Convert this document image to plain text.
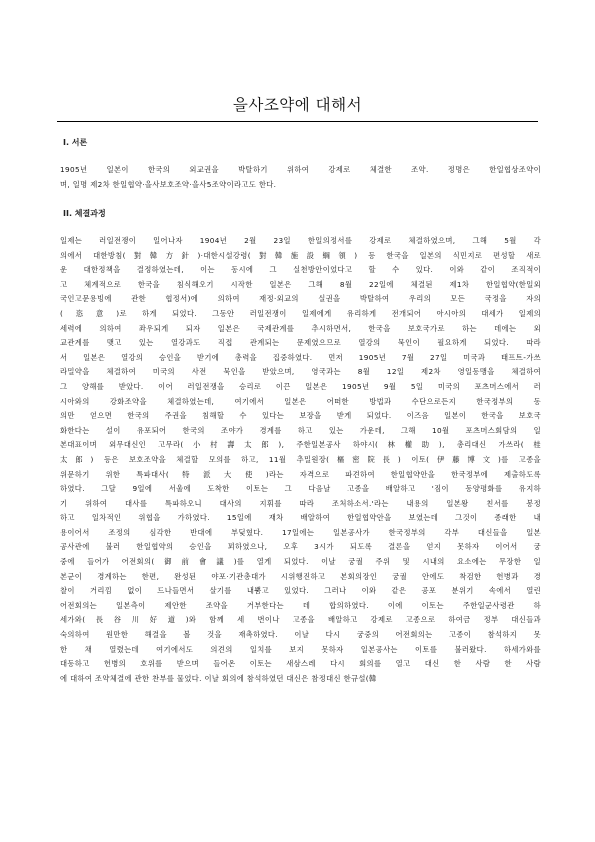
을사조약에 대해서
I. 서론
1905년 일본이 한국의 외교권을 박탈하기 위하여 강제로 체결한 조약. 정명은 한일협상조약이
며, 일명 제2차 한일협약·을사보호조약·을사5조약이라고도 한다.
II. 체결과정
일제는 러일전쟁이 일어나자 1904년 2월 23일 한일의정서를 강제로 체결하였으며, 그해 5월 각
의에서 대한방침(對韓方針)·대한시설강령(對韓施設綱領) 등 한국을 일본의 식민지로 편성할 새로
운 대한정책을 결정하였는데, 이는 동시에 그 실천방안이었다고 할 수 있다. 이와 같이 조직적이
고 체계적으로 한국을 침식해오기 시작한 일본은 그해 8월 22일에 체결된 제1차 한일협약(한일외
국인고문용빙에 관한 협정서)에 의하여 재정·외교의 실권을 박탈하여 우리의 모든 국정을 자의
(恣意)로 하게 되었다. 그동안 러일전쟁이 일제에게 유리하게 전개되어 아시아의 대세가 일제의
세력에 의하여 좌우되게 되자 일본은 국제관계를 추시하면서, 한국을 보호국가로 하는 데에는 외
교관계를 맺고 있는 열강과도 직접 관계되는 문제였으므로 열강의 묵인이 필요하게 되었다. 따라
서 일본은 열강의 승인을 받기에 총력을 집중하였다. 먼저 1905년 7월 27일 미국과 태프트-가쓰
라밀약을 체결하여 미국의 사전 묵인을 받았으며, 영국과는 8월 12일 제2차 영일동맹을 체결하여
그 양해를 받았다. 이어 러일전쟁을 승리로 이끈 일본은 1905년 9월 5일 미국의 포츠머스에서 러
시아와의 강화조약을 체결하였는데, 여기에서 일본은 어떠한 방법과 수단으로든지 한국정부의 동
의만 얻으면 한국의 주권을 침해할 수 있다는 보장을 받게 되었다. 이즈음 일본이 한국을 보호국
화한다는 설이 유포되어 한국의 조야가 경계를 하고 있는 가운데, 그해 10월 포츠머스회담의 일
본대표이며 외무대신인 고무라(小村壽太郎), 주한일본공사 하야시(林權助), 총리대신 가쓰라(桂
太郎) 등은 보호조약을 체결할 모의를 하고, 11월 추밀원장(樞密院長) 이토(伊藤博文)를 고종을
위문하기 위한 특파대사(特派大使)라는 자격으로 파견하여 한일협약안을 한국정부에 제출하도록
하였다. 그달 9일에 서울에 도착한 이토는 그 다음날 고종을 배알하고 '짐이 동양평화를 유지하
기 위하여 대사를 특파하오니 대사의 지휘를 따라 조처하소서.'라는 내용의 일본왕 친서를 봉정
하고 일차적인 위협을 가하였다. 15일에 재차 배알하여 한일협약안을 보였는데 그것이 종래한 내
용이어서 조정의 심각한 반대에 부딪혔다. 17일에는 일본공사가 한국정부의 각부 대신들을 일본
공사관에 불러 한일협약의 승인을 꾀하였으나, 오후 3시가 되도록 결론을 얻지 못하자 이어서 궁
중에 들어가 어전회의(御前會議)를 열게 되었다. 이날 궁궐 주위 및 시내의 요소에는 무장한 일
본군이 경계하는 한편, 완성된 야포·기관총대가 시위행진하고 본회의장인 궁궐 안에도 착검한 헌병과 경
찰이 거리낌 없이 드나들면서 살기를 내뿜고 있었다. 그러나 이와 같은 공포 분위기 속에서 열린
어전회의는 일본측이 제안한 조약을 거부한다는 데 합의하였다. 이에 이토는 주한일군사령관 하
세가와(長谷川好道)와 함께 세 번이나 고종을 배알하고 강제로 고종으로 하여금 정부 대신들과
숙의하여 원만한 해결을 볼 것을 재촉하였다. 이날 다시 궁중의 어전회의는 고종이 참석하지 못
한 채 열렸는데 여기에서도 의견의 일치를 보지 못하자 일본공사는 이토를 불러왔다. 하세가와를
대동하고 헌병의 호위를 받으며 들어온 이토는 새삼스레 다시 회의를 열고 대신 한 사람 한 사람
에 대하여 조약체결에 관한 찬부를 물었다. 이날 회의에 참석하였던 대신은 참정대신 한규설(韓
